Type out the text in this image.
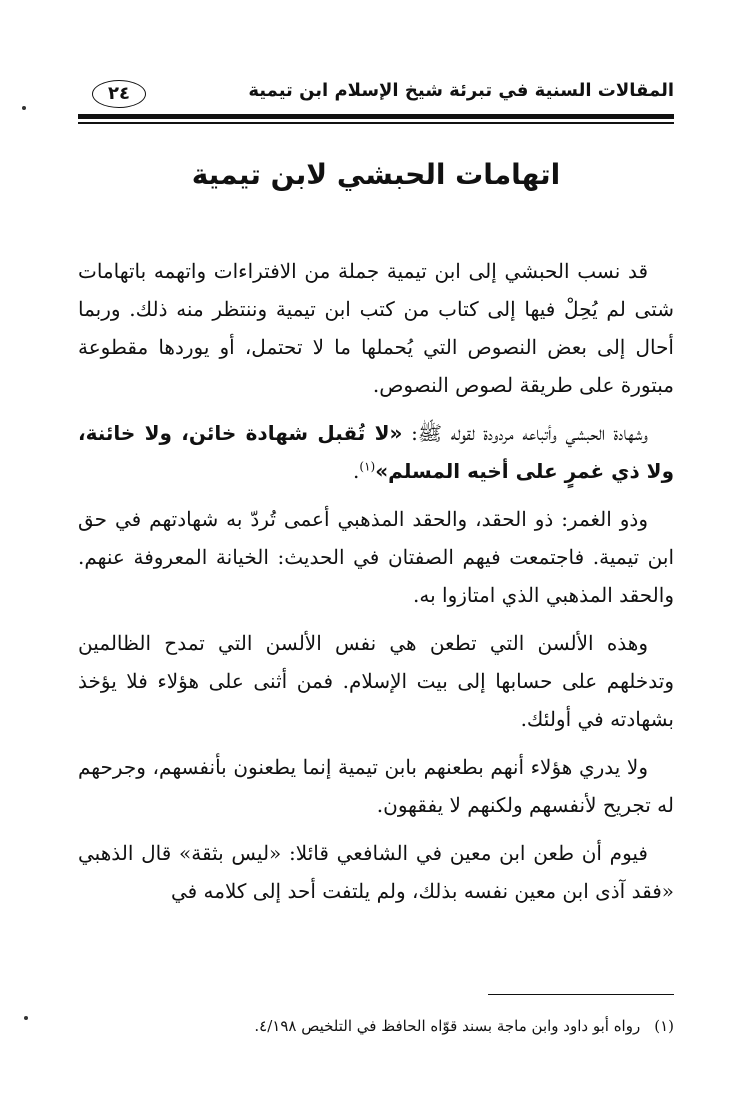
المقالات السنية في تبرئة شيخ الإسلام ابن تيمية
٢٤
اتهامات الحبشي لابن تيمية

قد نسب الحبشي إلى ابن تيمية جملة من الافتراءات واتهمه باتهامات شتى لم يُحِلْ فيها إلى كتاب من كتب ابن تيمية وننتظر منه ذلك. وربما أحال إلى بعض النصوص التي يُحملها ما لا تحتمل، أو يوردها مقطوعة مبتورة على طريقة لصوص النصوص.

وشهادة الحبشي وأتباعه مردودة لقوله ﷺ: «لا تُقبل شهادة خائن، ولا خائنة، ولا ذي غمرٍ على أخيه المسلم»$^{(١)}$.

وذو الغمر: ذو الحقد، والحقد المذهبي أعمى تُردّ به شهادتهم في حق ابن تيمية. فاجتمعت فيهم الصفتان في الحديث: الخيانة المعروفة عنهم. والحقد المذهبي الذي امتازوا به.

وهذه الألسن التي تطعن هي نفس الألسن التي تمدح الظالمين وتدخلهم على حسابها إلى بيت الإسلام. فمن أثنى على هؤلاء فلا يؤخذ بشهادته في أولئك.

ولا يدري هؤلاء أنهم بطعنهم بابن تيمية إنما يطعنون بأنفسهم، وجرحهم له تجريح لأنفسهم ولكنهم لا يفقهون.

فيوم أن طعن ابن معين في الشافعي قائلا: «ليس بثقة» قال الذهبي «فقد آذى ابن معين نفسه بذلك، ولم يلتفت أحد إلى كلامه في

(١)رواه أبو داود وابن ماجة بسند قوّاه الحافظ في التلخيص ٤/١٩٨.
